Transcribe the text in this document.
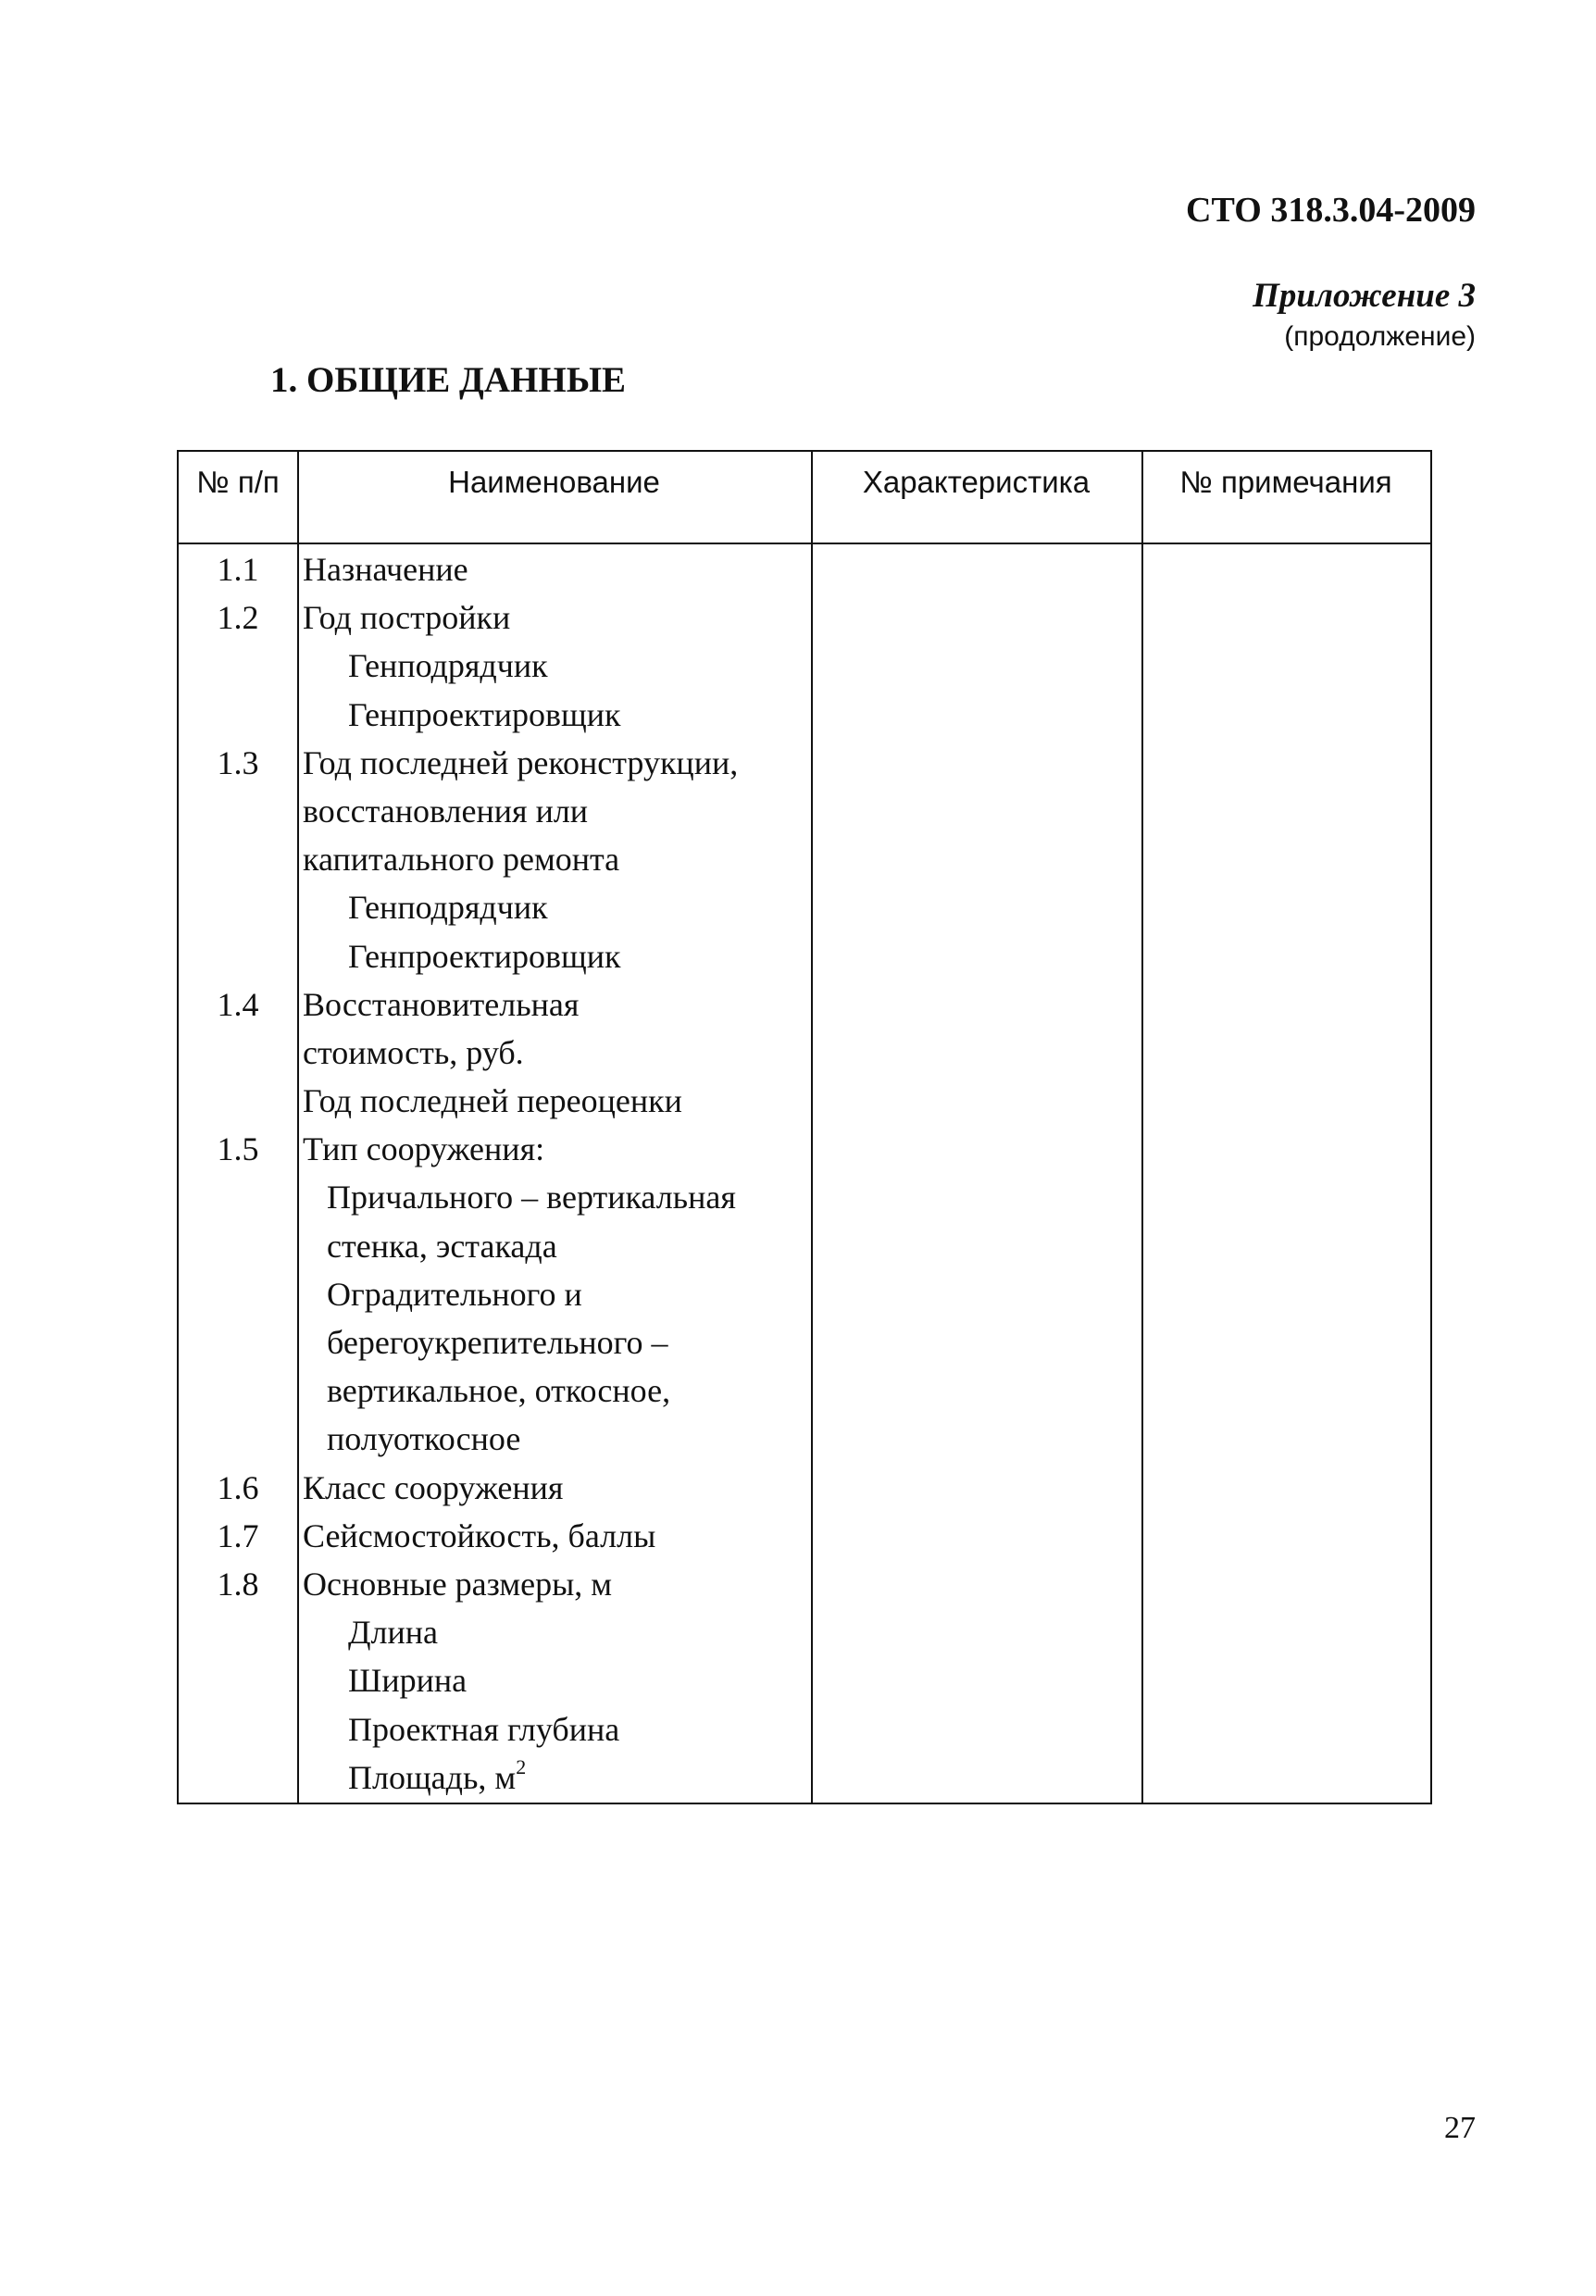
СТО 318.3.04-2009
Приложение 3
(продолжение)
1. ОБЩИЕ ДАННЫЕ
№ п/п	Наименование	Характеристика	№ примечания
1.1	Назначение
1.2	Год постройки
Генподрядчик
Генпроектировщик
1.3	Год последней реконструкции,
восстановления или
капитального ремонта
Генподрядчик
Генпроектировщик
1.4	Восстановительная
стоимость, руб.
Год последней переоценки
1.5	Тип сооружения:
Причального – вертикальная
стенка, эстакада
Оградительного и
берегоукрепительного –
вертикальное, откосное,
полуоткосное
1.6	Класс сооружения
1.7	Сейсмостойкость, баллы
1.8	Основные размеры, м
Длина
Ширина
Проектная глубина
Площадь, $м^2$
27
